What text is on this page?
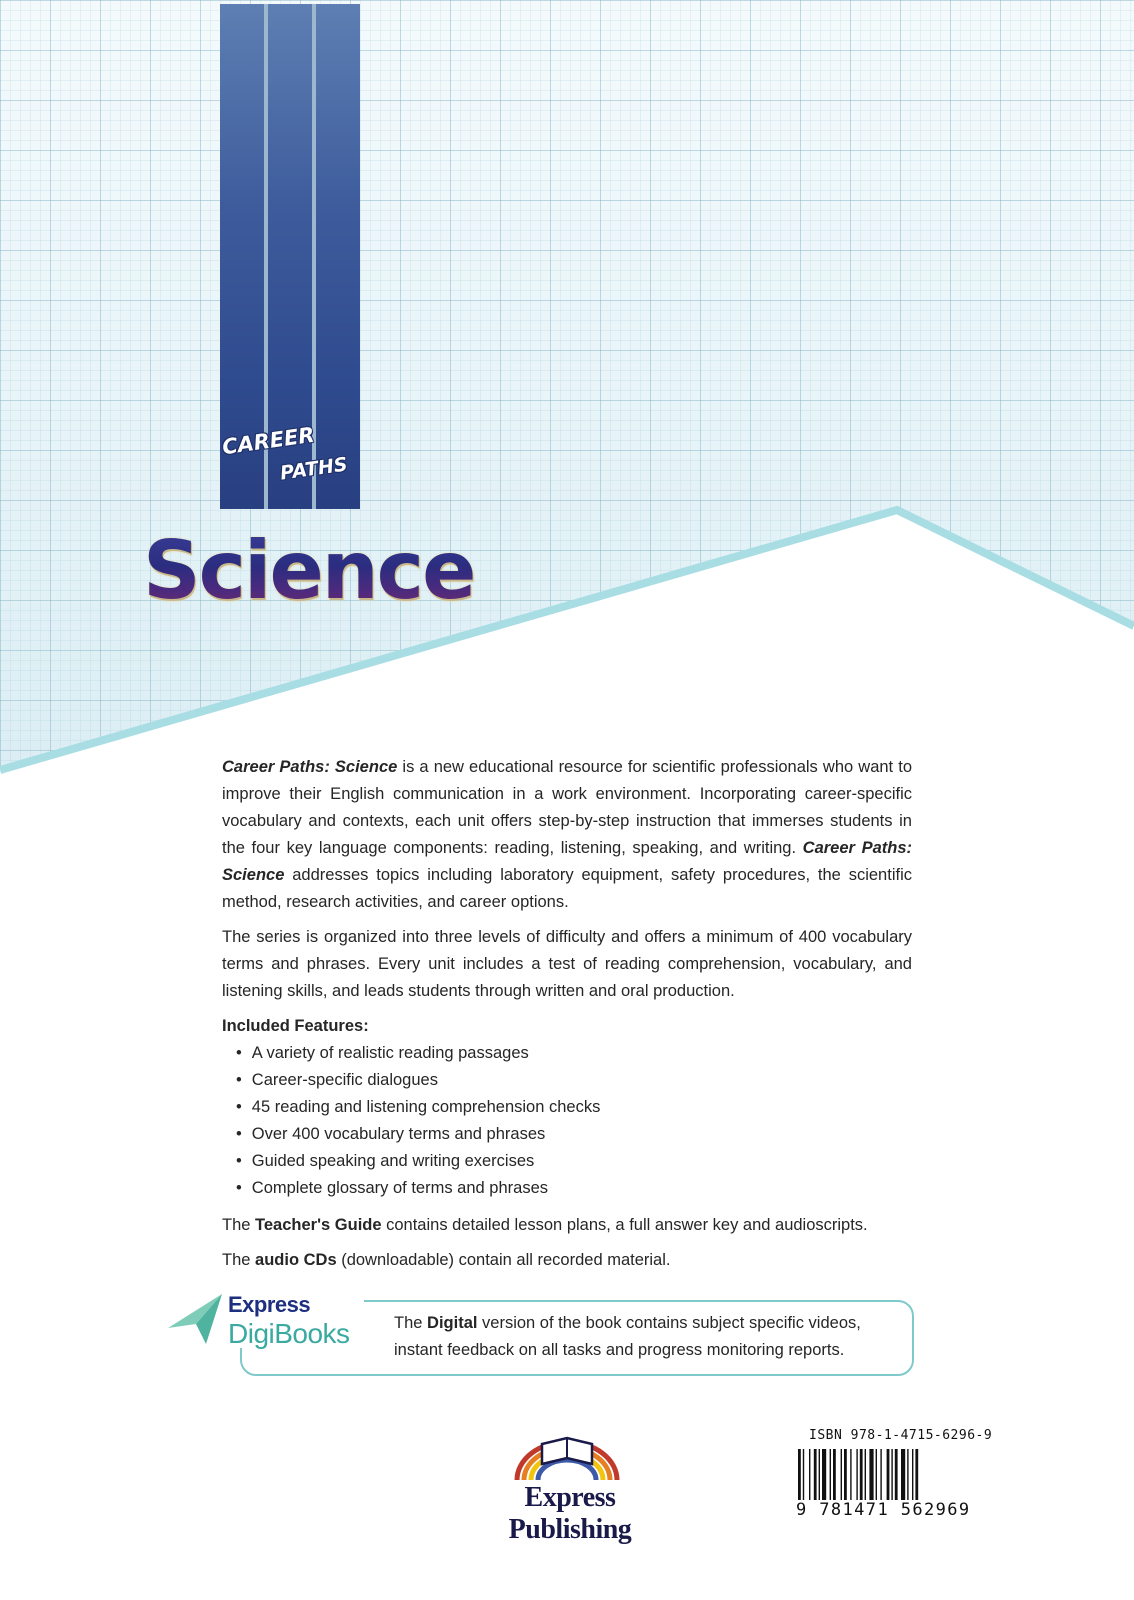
CAREER
PATHS
Science

Career Paths: Science is a new educational resource for scientific professionals who want to improve their English communication in a work environment. Incorporating career-specific vocabulary and contexts, each unit offers step-by-step instruction that immerses students in the four key language components: reading, listening, speaking, and writing. Career Paths: Science addresses topics including laboratory equipment, safety procedures, the scientific method, research activities, and career options.

The series is organized into three levels of difficulty and offers a minimum of 400 vocabulary terms and phrases. Every unit includes a test of reading comprehension, vocabulary, and listening skills, and leads students through written and oral production.

Included Features:
• A variety of realistic reading passages
• Career-specific dialogues
• 45 reading and listening comprehension checks
• Over 400 vocabulary terms and phrases
• Guided speaking and writing exercises
• Complete glossary of terms and phrases

The Teacher's Guide contains detailed lesson plans, a full answer key and audioscripts.

The audio CDs (downloadable) contain all recorded material.

Express
DigiBooks	The Digital version of the book contains subject specific videos, instant feedback on all tasks and progress monitoring reports.
Express Publishing
ISBN 978-1-4715-6296-9
9 781471 562969
